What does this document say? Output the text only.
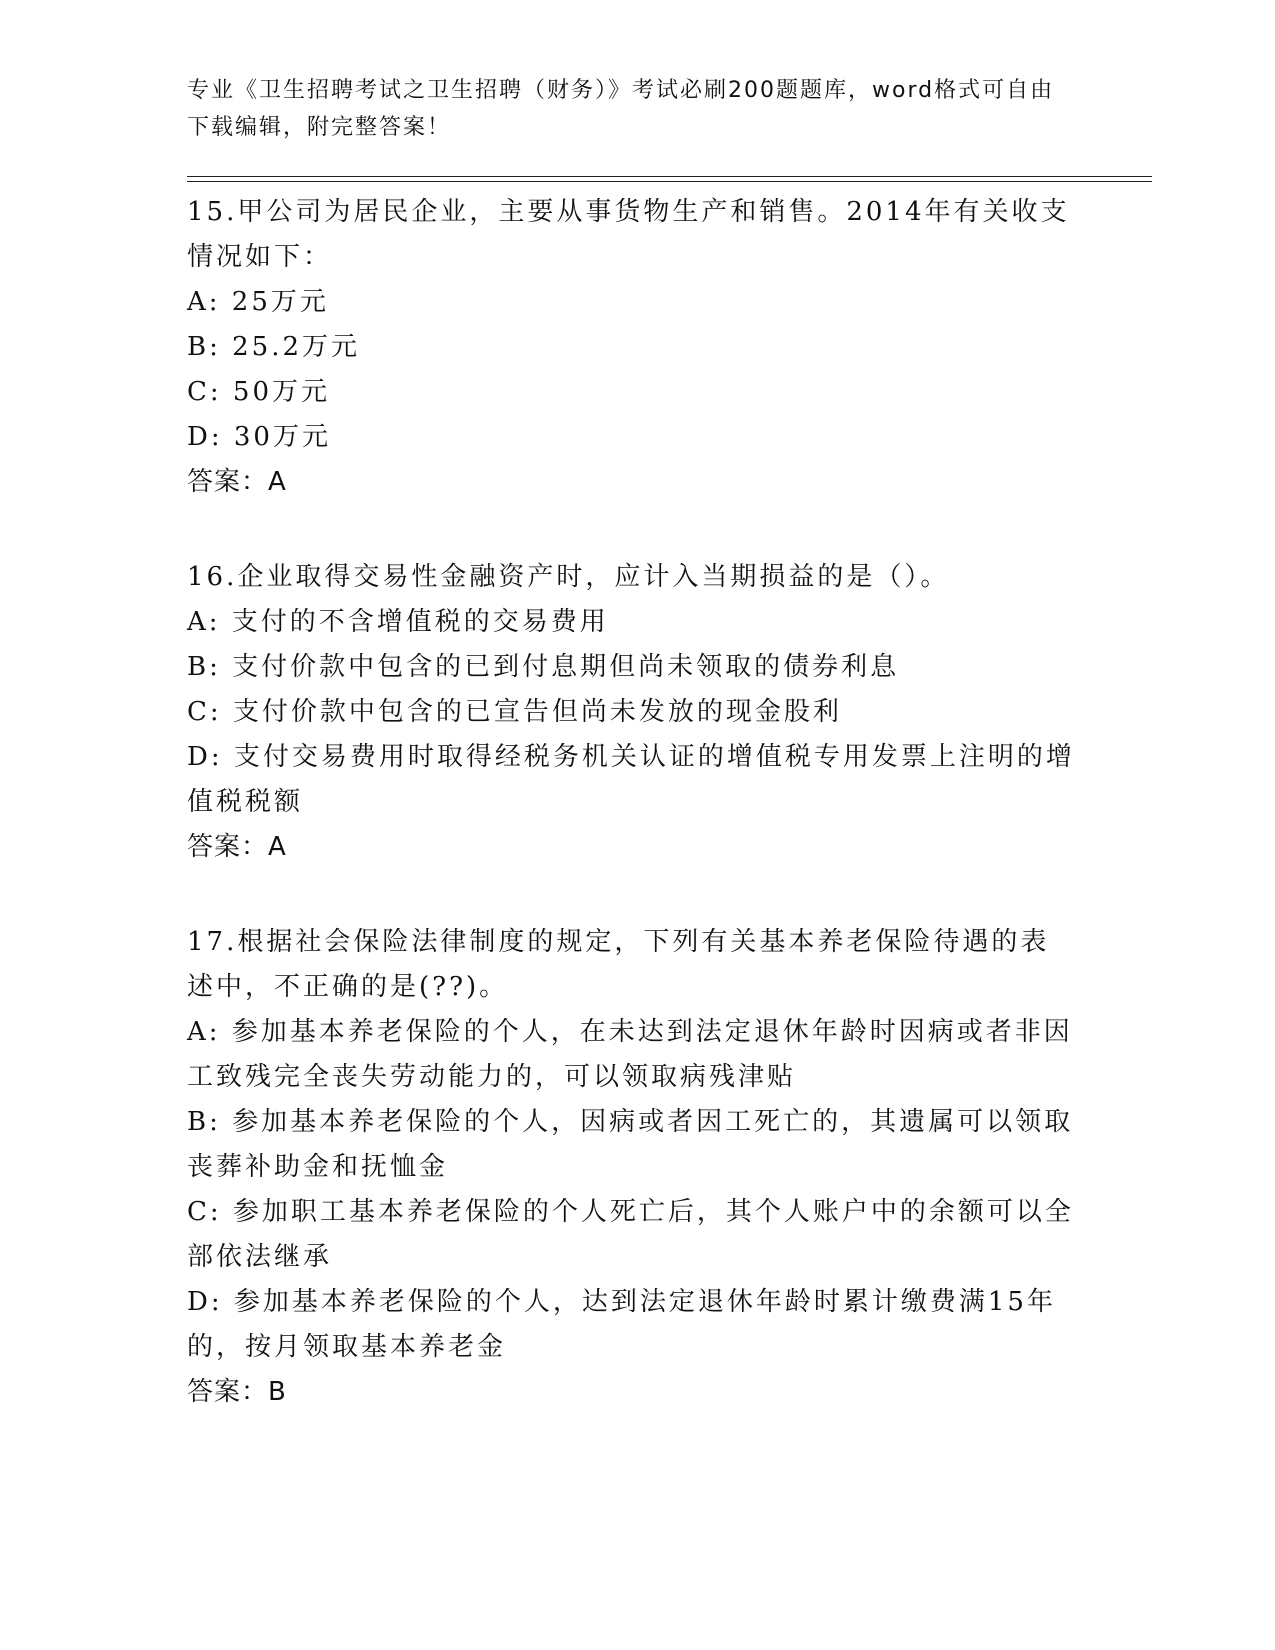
专业《卫生招聘考试之卫生招聘（财务）》考试必刷200题题库，word格式可自由下载编辑，附完整答案！
15.甲公司为居民企业，主要从事货物生产和销售。2014年有关收支情况如下：
A: 25万元
B: 25.2万元
C: 50万元
D: 30万元
答案：A
16.企业取得交易性金融资产时，应计入当期损益的是（）。
A: 支付的不含增值税的交易费用
B: 支付价款中包含的已到付息期但尚未领取的债券利息
C: 支付价款中包含的已宣告但尚未发放的现金股利
D: 支付交易费用时取得经税务机关认证的增值税专用发票上注明的增值税税额
答案：A
17.根据社会保险法律制度的规定，下列有关基本养老保险待遇的表述中，不正确的是(??)。
A: 参加基本养老保险的个人，在未达到法定退休年龄时因病或者非因工致残完全丧失劳动能力的，可以领取病残津贴
B: 参加基本养老保险的个人，因病或者因工死亡的，其遗属可以领取丧葬补助金和抚恤金
C: 参加职工基本养老保险的个人死亡后，其个人账户中的余额可以全部依法继承
D: 参加基本养老保险的个人，达到法定退休年龄时累计缴费满15年的，按月领取基本养老金
答案：B
